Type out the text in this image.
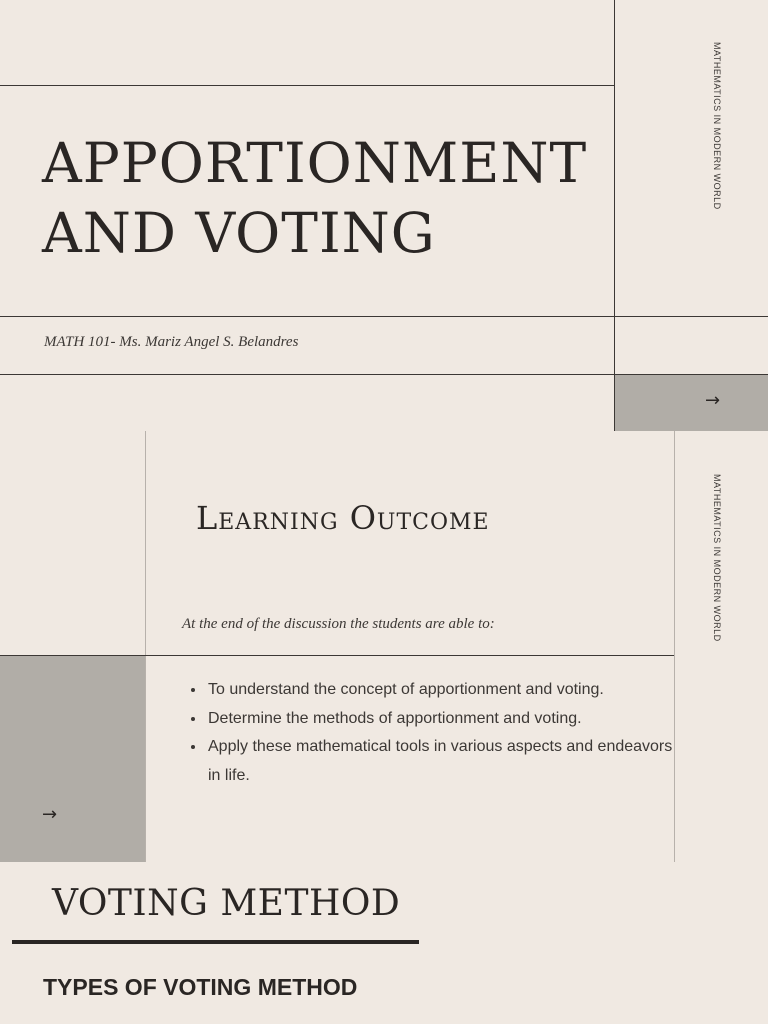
MATHEMATICS IN MODERN WORLD
APPORTIONMENT
AND VOTING
MATH 101- Ms. Mariz Angel S. Belandres
→
MATHEMATICS IN MODERN WORLD
Learning Outcome
At the end of the discussion the students are able to:
→
• To understand the concept of apportionment and voting.
• Determine the methods of apportionment and voting.
• Apply these mathematical tools in various aspects and endeavors in life.
VOTING METHOD
TYPES OF VOTING METHOD
